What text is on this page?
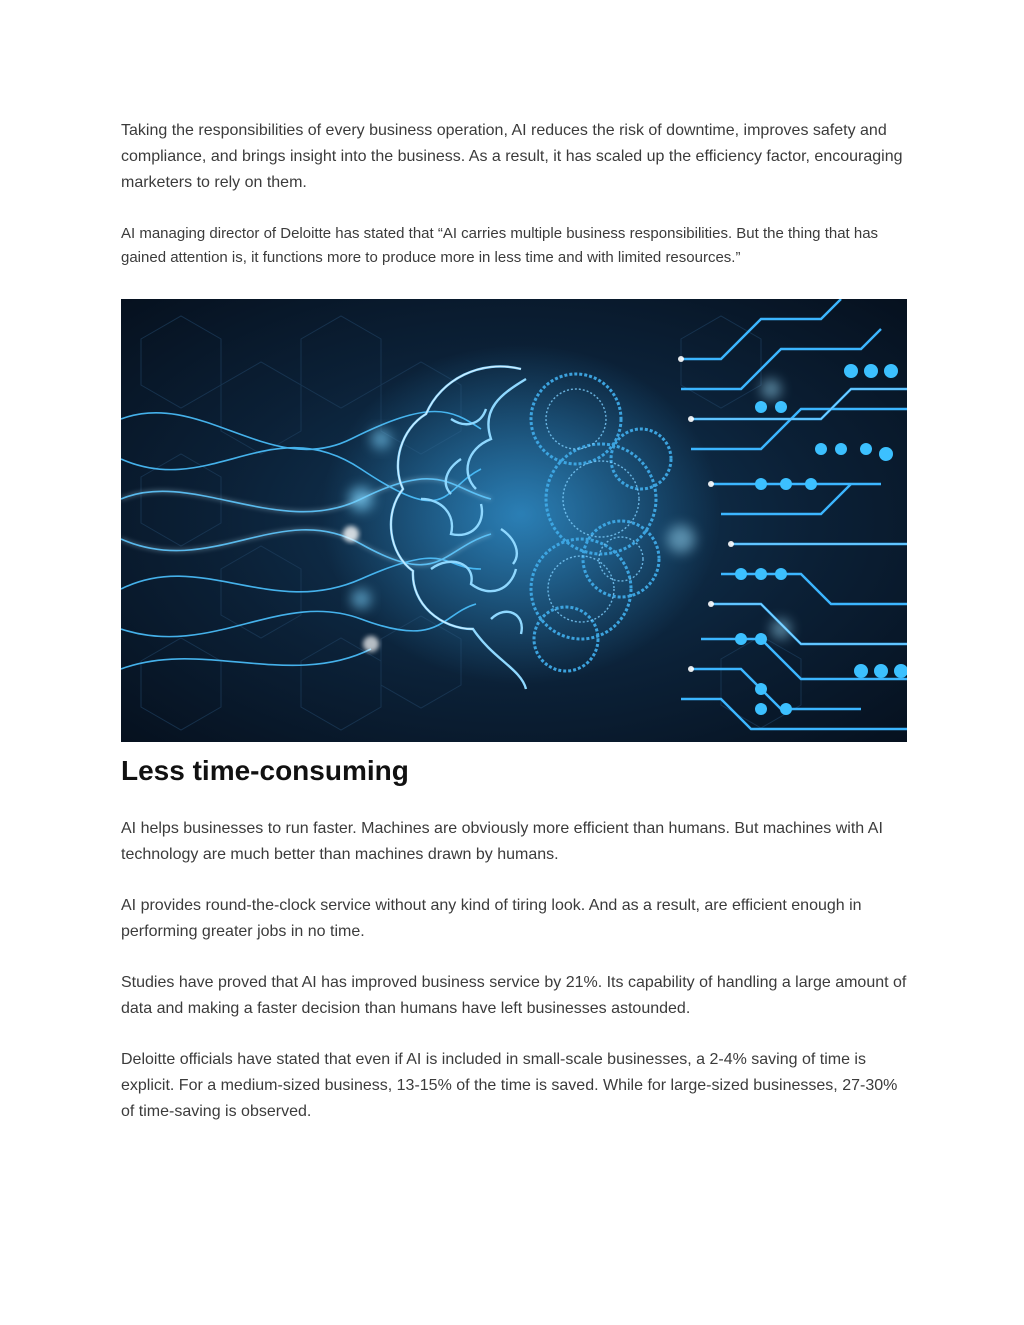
Taking the responsibilities of every business operation, AI reduces the risk of downtime, improves safety and compliance, and brings insight into the business. As a result, it has scaled up the efficiency factor, encouraging marketers to rely on them.

AI managing director of Deloitte has stated that “AI carries multiple business responsibilities. But the thing that has gained attention is, it functions more to produce more in less time and with limited resources.”

Less time-consuming

AI helps businesses to run faster. Machines are obviously more efficient than humans. But machines with AI technology are much better than machines drawn by humans.

AI provides round-the-clock service without any kind of tiring look. And as a result, are efficient enough in performing greater jobs in no time.

Studies have proved that AI has improved business service by 21%. Its capability of handling a large amount of data and making a faster decision than humans have left businesses astounded.

Deloitte officials have stated that even if AI is included in small-scale businesses, a 2-4% saving of time is explicit. For a medium-sized business, 13-15% of the time is saved. While for large-sized businesses, 27-30% of time-saving is observed.
